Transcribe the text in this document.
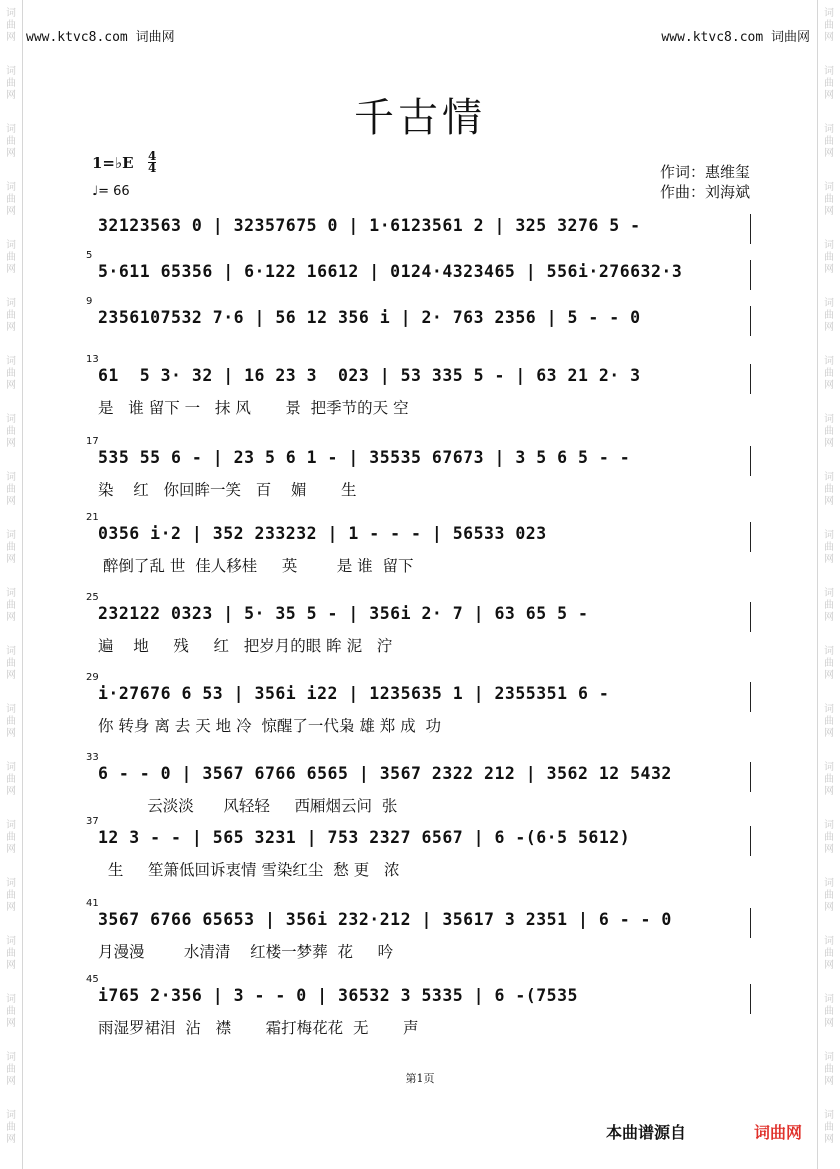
词
曲
网
词
曲
网
词
曲
网
词
曲
网
词
曲
网
词
曲
网
词
曲
网
词
曲
网
词
曲
网
词
曲
网
词
曲
网
词
曲
网
词
曲
网
词
曲
网
词
曲
网
词
曲
网
词
曲
网
词
曲
网
词
曲
网
词
曲
网
词
曲
网
词
曲
网
词
曲
网
词
曲
网
词
曲
网
词
曲
网
词
曲
网
词
曲
网
词
曲
网
词
曲
网
词
曲
网
词
曲
网
词
曲
网
词
曲
网
词
曲
网
词
曲
网
词
曲
网
词
曲
网
词
曲
网
词
曲
网
www.ktvc8.com 词曲网	www.ktvc8.com 词曲网
千古情
1=♭E 4
4
♩= 66
作词：惠维玺
作曲：刘海斌
32123563 0 | 32357675 0 | 1·6123561 2 | 325 3276 5 -
5
5·611 65356 | 6·122 16612 | 0124·4323465 | 556i·276632·3
9
2356107532 7·6 | 56 12 356 i | 2· 763 2356 | 5 - - 0
13
61  5 3· 32 | 16 23 3  023 | 53 335 5 - | 63 21 2· 3
是   谁 留下 一   抹 风       景  把季节的天 空
17
535 55 6 - | 23 5 6 1 - | 35535 67673 | 3 5 6 5 - -
染    红   你回眸一笑   百    媚       生
21
0356 i·2 | 352 233232 | 1 - - - | 56533 023
醉倒了乱 世  佳人移桂     英        是 谁  留下
25
232122 0323 | 5· 35 5 - | 356i 2· 7 | 63 65 5 -
遍    地     残     红   把岁月的眼 眸 泥   泞
29
i·27676 6 53 | 356i i22 | 1235635 1 | 2355351 6 -
你 转身 离 去 天 地 冷  惊醒了一代枭 雄 郑 成  功
33
6 - - 0 | 3567 6766 6565 | 3567 2322 212 | 3562 12 5432
云淡淡      风轻轻     西厢烟云问  张
37
12 3 - - | 565 3231 | 753 2327 6567 | 6 -(6·5 5612)
生     笙箫低回诉衷情 雪染红尘  愁 更   浓
41
3567 6766 65653 | 356i 232·212 | 35617 3 2351 | 6 - - 0
月漫漫        水清清    红楼一梦葬  花     吟
45
i765 2·356 | 3 - - 0 | 36532 3 5335 | 6 -(7535
雨湿罗裙泪  沾   襟       霜打梅花花  无       声
第1页
本曲谱源自	词曲网
